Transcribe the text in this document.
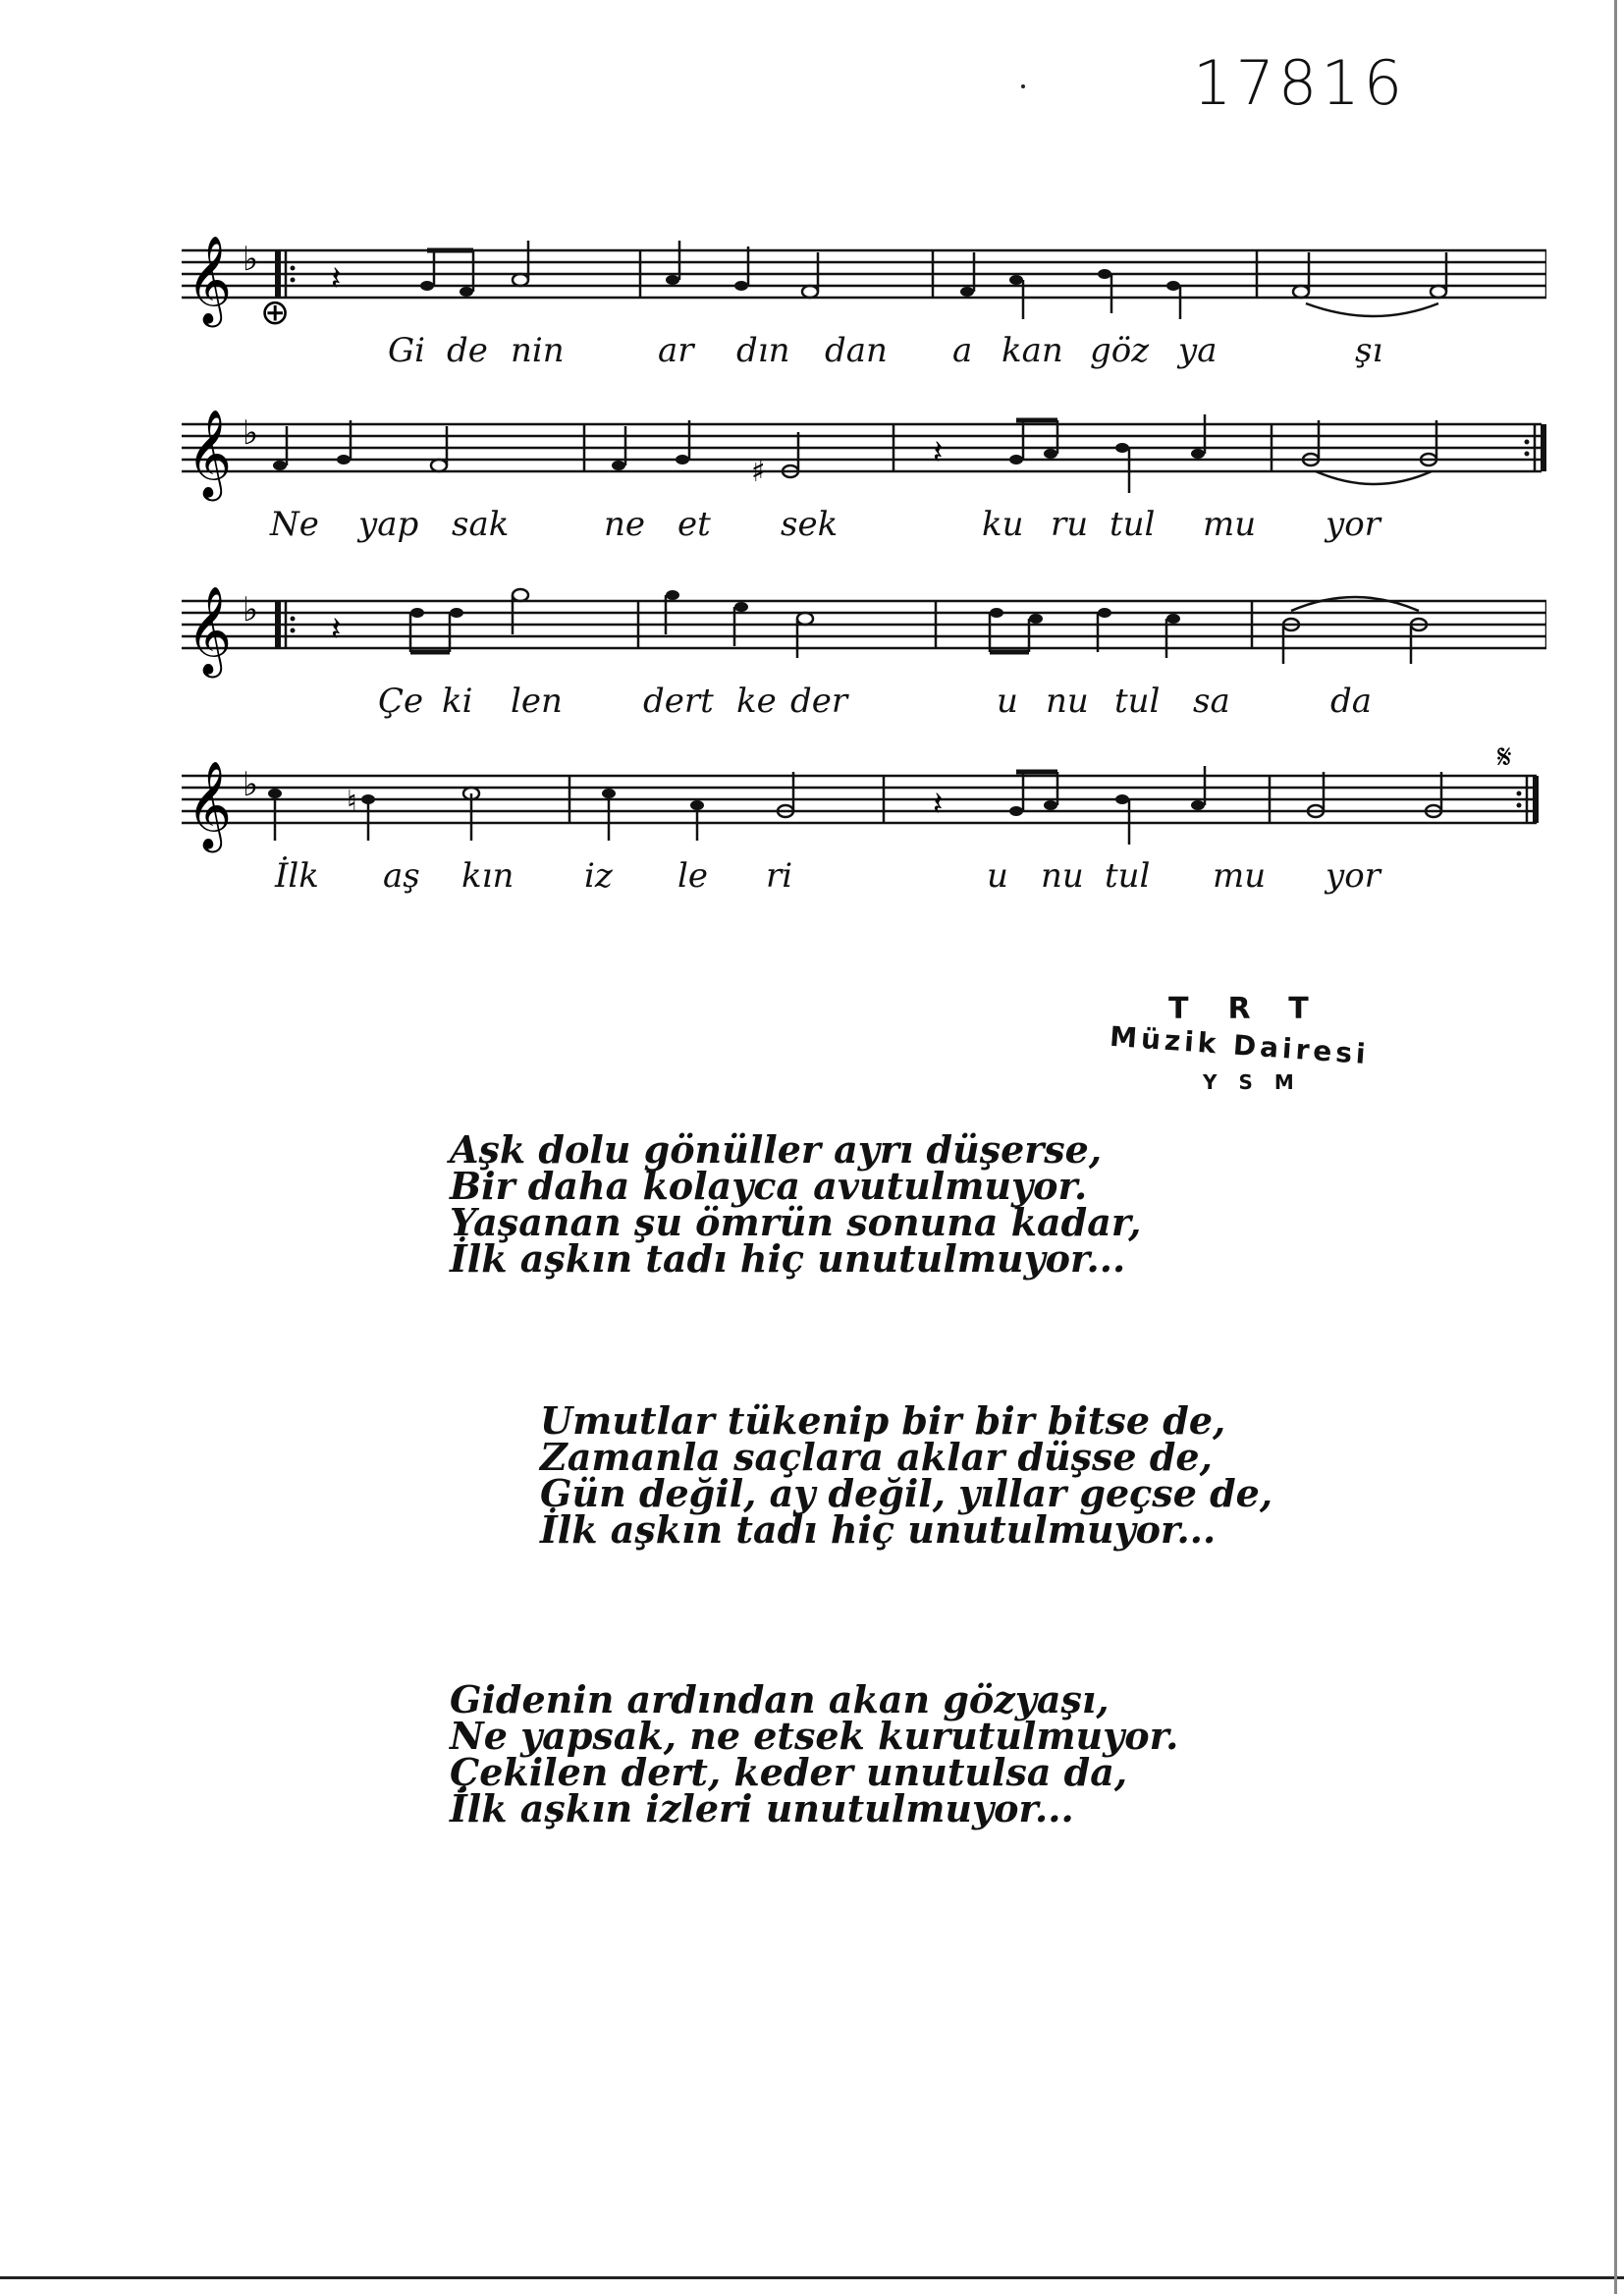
17816
𝄞 ♭ 𝄽
⊕
Gi de nin	ar dın dan a kan göz ya	şı
𝄞 ♭
♯	𝄽
Ne yap sak	ne et sek	ku ru tul mu yor
𝄞 ♭ 𝄽
Çe ki len dert ke der	u nu tul sa	da
𝄞 ♭	♮	𝄽
𝄋
İlk aş kın iz le ri	u nu tul mu yor
TRT
Müzik Dairesi
YSM
Aşk dolu gönüller ayrı düşerse,
Bir daha kolayca avutulmuyor.
Yaşanan şu ömrün sonuna kadar,
İlk aşkın tadı hiç unutulmuyor...
Umutlar tükenip bir bir bitse de,
Zamanla saçlara aklar düşse de,
Gün değil, ay değil, yıllar geçse de,
İlk aşkın tadı hiç unutulmuyor...
Gidenin ardından akan gözyaşı,
Ne yapsak, ne etsek kurutulmuyor.
Çekilen dert, keder unutulsa da,
İlk aşkın izleri unutulmuyor...
